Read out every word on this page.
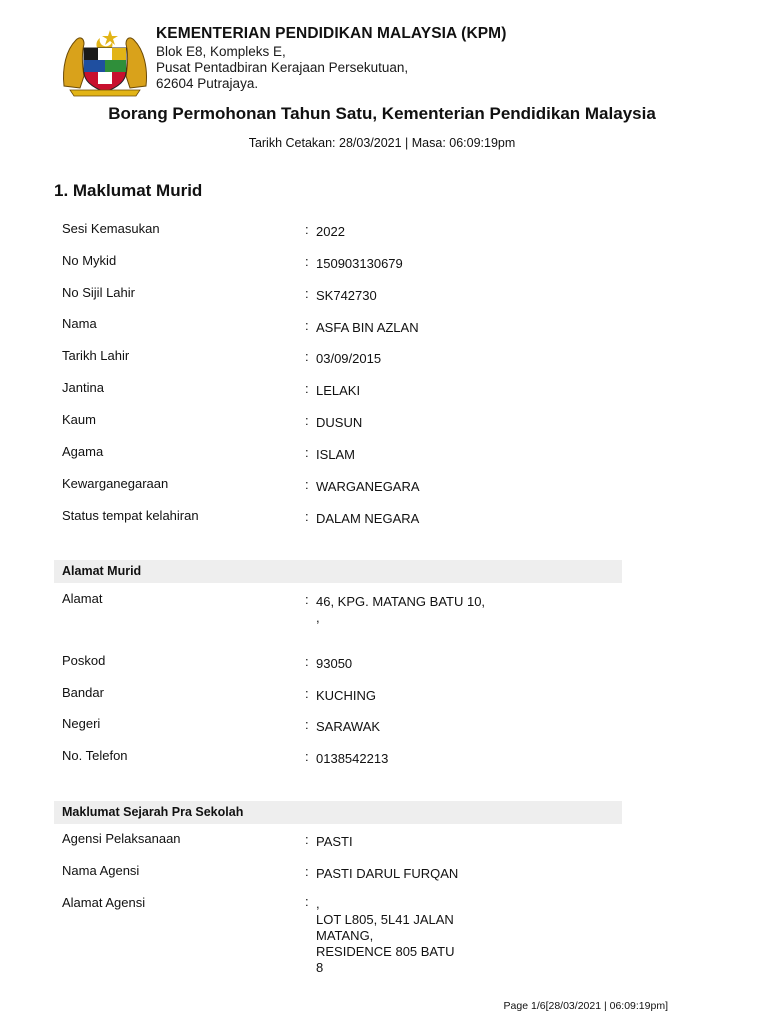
KEMENTERIAN PENDIDIKAN MALAYSIA (KPM)
Blok E8, Kompleks E,
Pusat Pentadbiran Kerajaan Persekutuan,
62604 Putrajaya.
Borang Permohonan Tahun Satu, Kementerian Pendidikan Malaysia
Tarikh Cetakan: 28/03/2021 | Masa: 06:09:19pm
1. Maklumat Murid
Sesi Kemasukan	: 2022
No Mykid	: 150903130679
No Sijil Lahir	: SK742730
Nama	: ASFA BIN AZLAN
Tarikh Lahir	: 03/09/2015
Jantina	: LELAKI
Kaum	: DUSUN
Agama	: ISLAM
Kewarganegaraan	: WARGANEGARA
Status tempat kelahiran	: DALAM NEGARA
Alamat Murid
Alamat	: 46, KPG. MATANG BATU 10,
,
Poskod	: 93050
Bandar	: KUCHING
Negeri	: SARAWAK
No. Telefon	: 0138542213
Maklumat Sejarah Pra Sekolah
Agensi Pelaksanaan	: PASTI
Nama Agensi	: PASTI DARUL FURQAN
Alamat Agensi	: ,
LOT L805, 5L41 JALAN
MATANG,
RESIDENCE 805 BATU
8
Page 1/6[28/03/2021 | 06:09:19pm]
